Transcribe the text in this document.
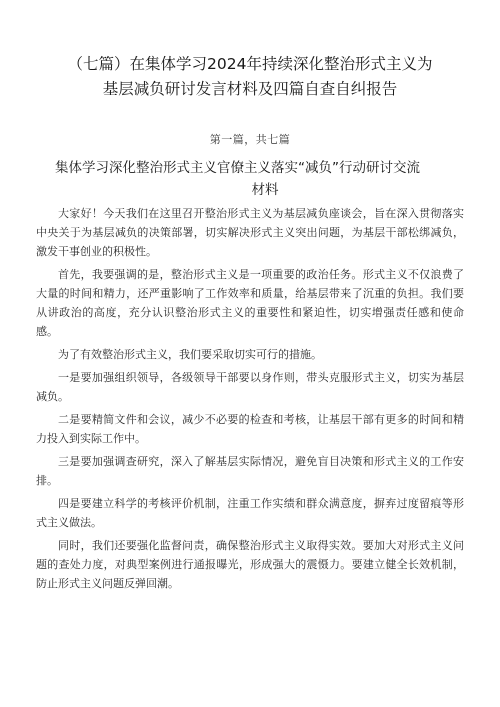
（七篇）在集体学习2024年持续深化整治形式主义为
基层减负研讨发言材料及四篇自查自纠报告
第一篇，共七篇
集体学习深化整治形式主义官僚主义落实“减负”行动研讨交流
材料

大家好！今天我们在这里召开整治形式主义为基层减负座谈会，旨在深入贯彻落实中央关于为基层减负的决策部署，切实解决形式主义突出问题，为基层干部松绑减负，激发干事创业的积极性。

首先，我要强调的是，整治形式主义是一项重要的政治任务。形式主义不仅浪费了大量的时间和精力，还严重影响了工作效率和质量，给基层带来了沉重的负担。我们要从讲政治的高度，充分认识整治形式主义的重要性和紧迫性，切实增强责任感和使命感。

为了有效整治形式主义，我们要采取切实可行的措施。

一是要加强组织领导，各级领导干部要以身作则，带头克服形式主义，切实为基层减负。

二是要精简文件和会议，减少不必要的检查和考核，让基层干部有更多的时间和精力投入到实际工作中。

三是要加强调查研究，深入了解基层实际情况，避免盲目决策和形式主义的工作安排。

四是要建立科学的考核评价机制，注重工作实绩和群众满意度，摒弃过度留痕等形式主义做法。

同时，我们还要强化监督问责，确保整治形式主义取得实效。要加大对形式主义问题的查处力度，对典型案例进行通报曝光，形成强大的震慑力。要建立健全长效机制，防止形式主义问题反弹回潮。
